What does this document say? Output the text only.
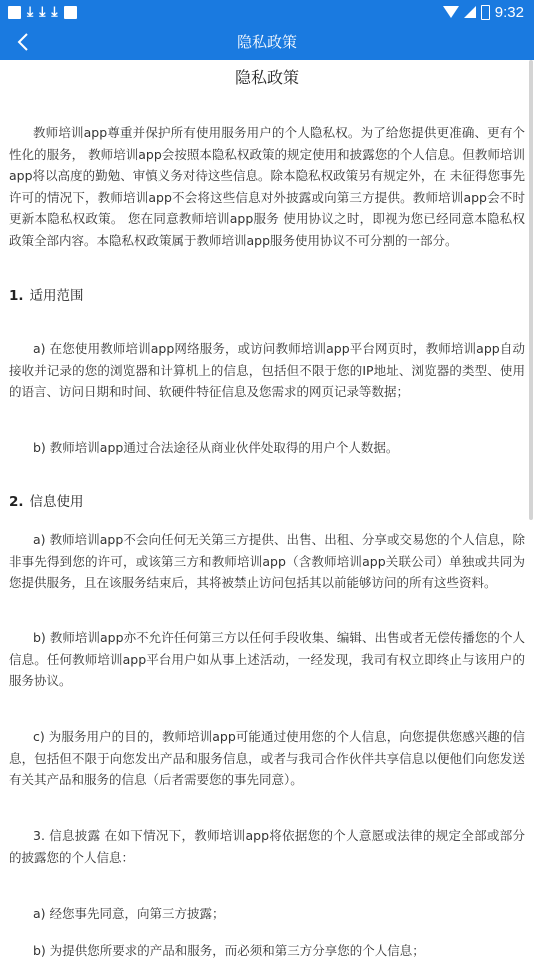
⤓ ⤓ ⤓	9:32
隐私政策
隐私政策
教师培训app尊重并保护所有使用服务用户的个人隐私权。为了给您提供更准确、更有个性化的服务， 教师培训app会按照本隐私权政策的规定使用和披露您的个人信息。但教师培训app将以高度的勤勉、审慎义务对待这些信息。除本隐私权政策另有规定外，在 未征得您事先许可的情况下，教师培训app不会将这些信息对外披露或向第三方提供。教师培训app会不时更新本隐私权政策。 您在同意教师培训app服务 使用协议之时，即视为您已经同意本隐私权政策全部内容。本隐私权政策属于教师培训app服务使用协议不可分割的一部分。
1. 适用范围
a) 在您使用教师培训app网络服务，或访问教师培训app平台网页时，教师培训app自动接收并记录的您的浏览器和计算机上的信息，包括但不限于您的IP地址、浏览器的类型、使用的语言、访问日期和时间、软硬件特征信息及您需求的网页记录等数据；
b) 教师培训app通过合法途径从商业伙伴处取得的用户个人数据。
2. 信息使用
a) 教师培训app不会向任何无关第三方提供、出售、出租、分享或交易您的个人信息，除非事先得到您的许可，或该第三方和教师培训app（含教师培训app关联公司）单独或共同为您提供服务，且在该服务结束后，其将被禁止访问包括其以前能够访问的所有这些资料。
b) 教师培训app亦不允许任何第三方以任何手段收集、编辑、出售或者无偿传播您的个人信息。任何教师培训app平台用户如从事上述活动，一经发现，我司有权立即终止与该用户的服务协议。
c) 为服务用户的目的，教师培训app可能通过使用您的个人信息，向您提供您感兴趣的信息，包括但不限于向您发出产品和服务信息，或者与我司合作伙伴共享信息以便他们向您发送有关其产品和服务的信息（后者需要您的事先同意）。
3. 信息披露 在如下情况下，教师培训app将依据您的个人意愿或法律的规定全部或部分的披露您的个人信息：
a) 经您事先同意，向第三方披露；
b) 为提供您所要求的产品和服务，而必须和第三方分享您的个人信息；
